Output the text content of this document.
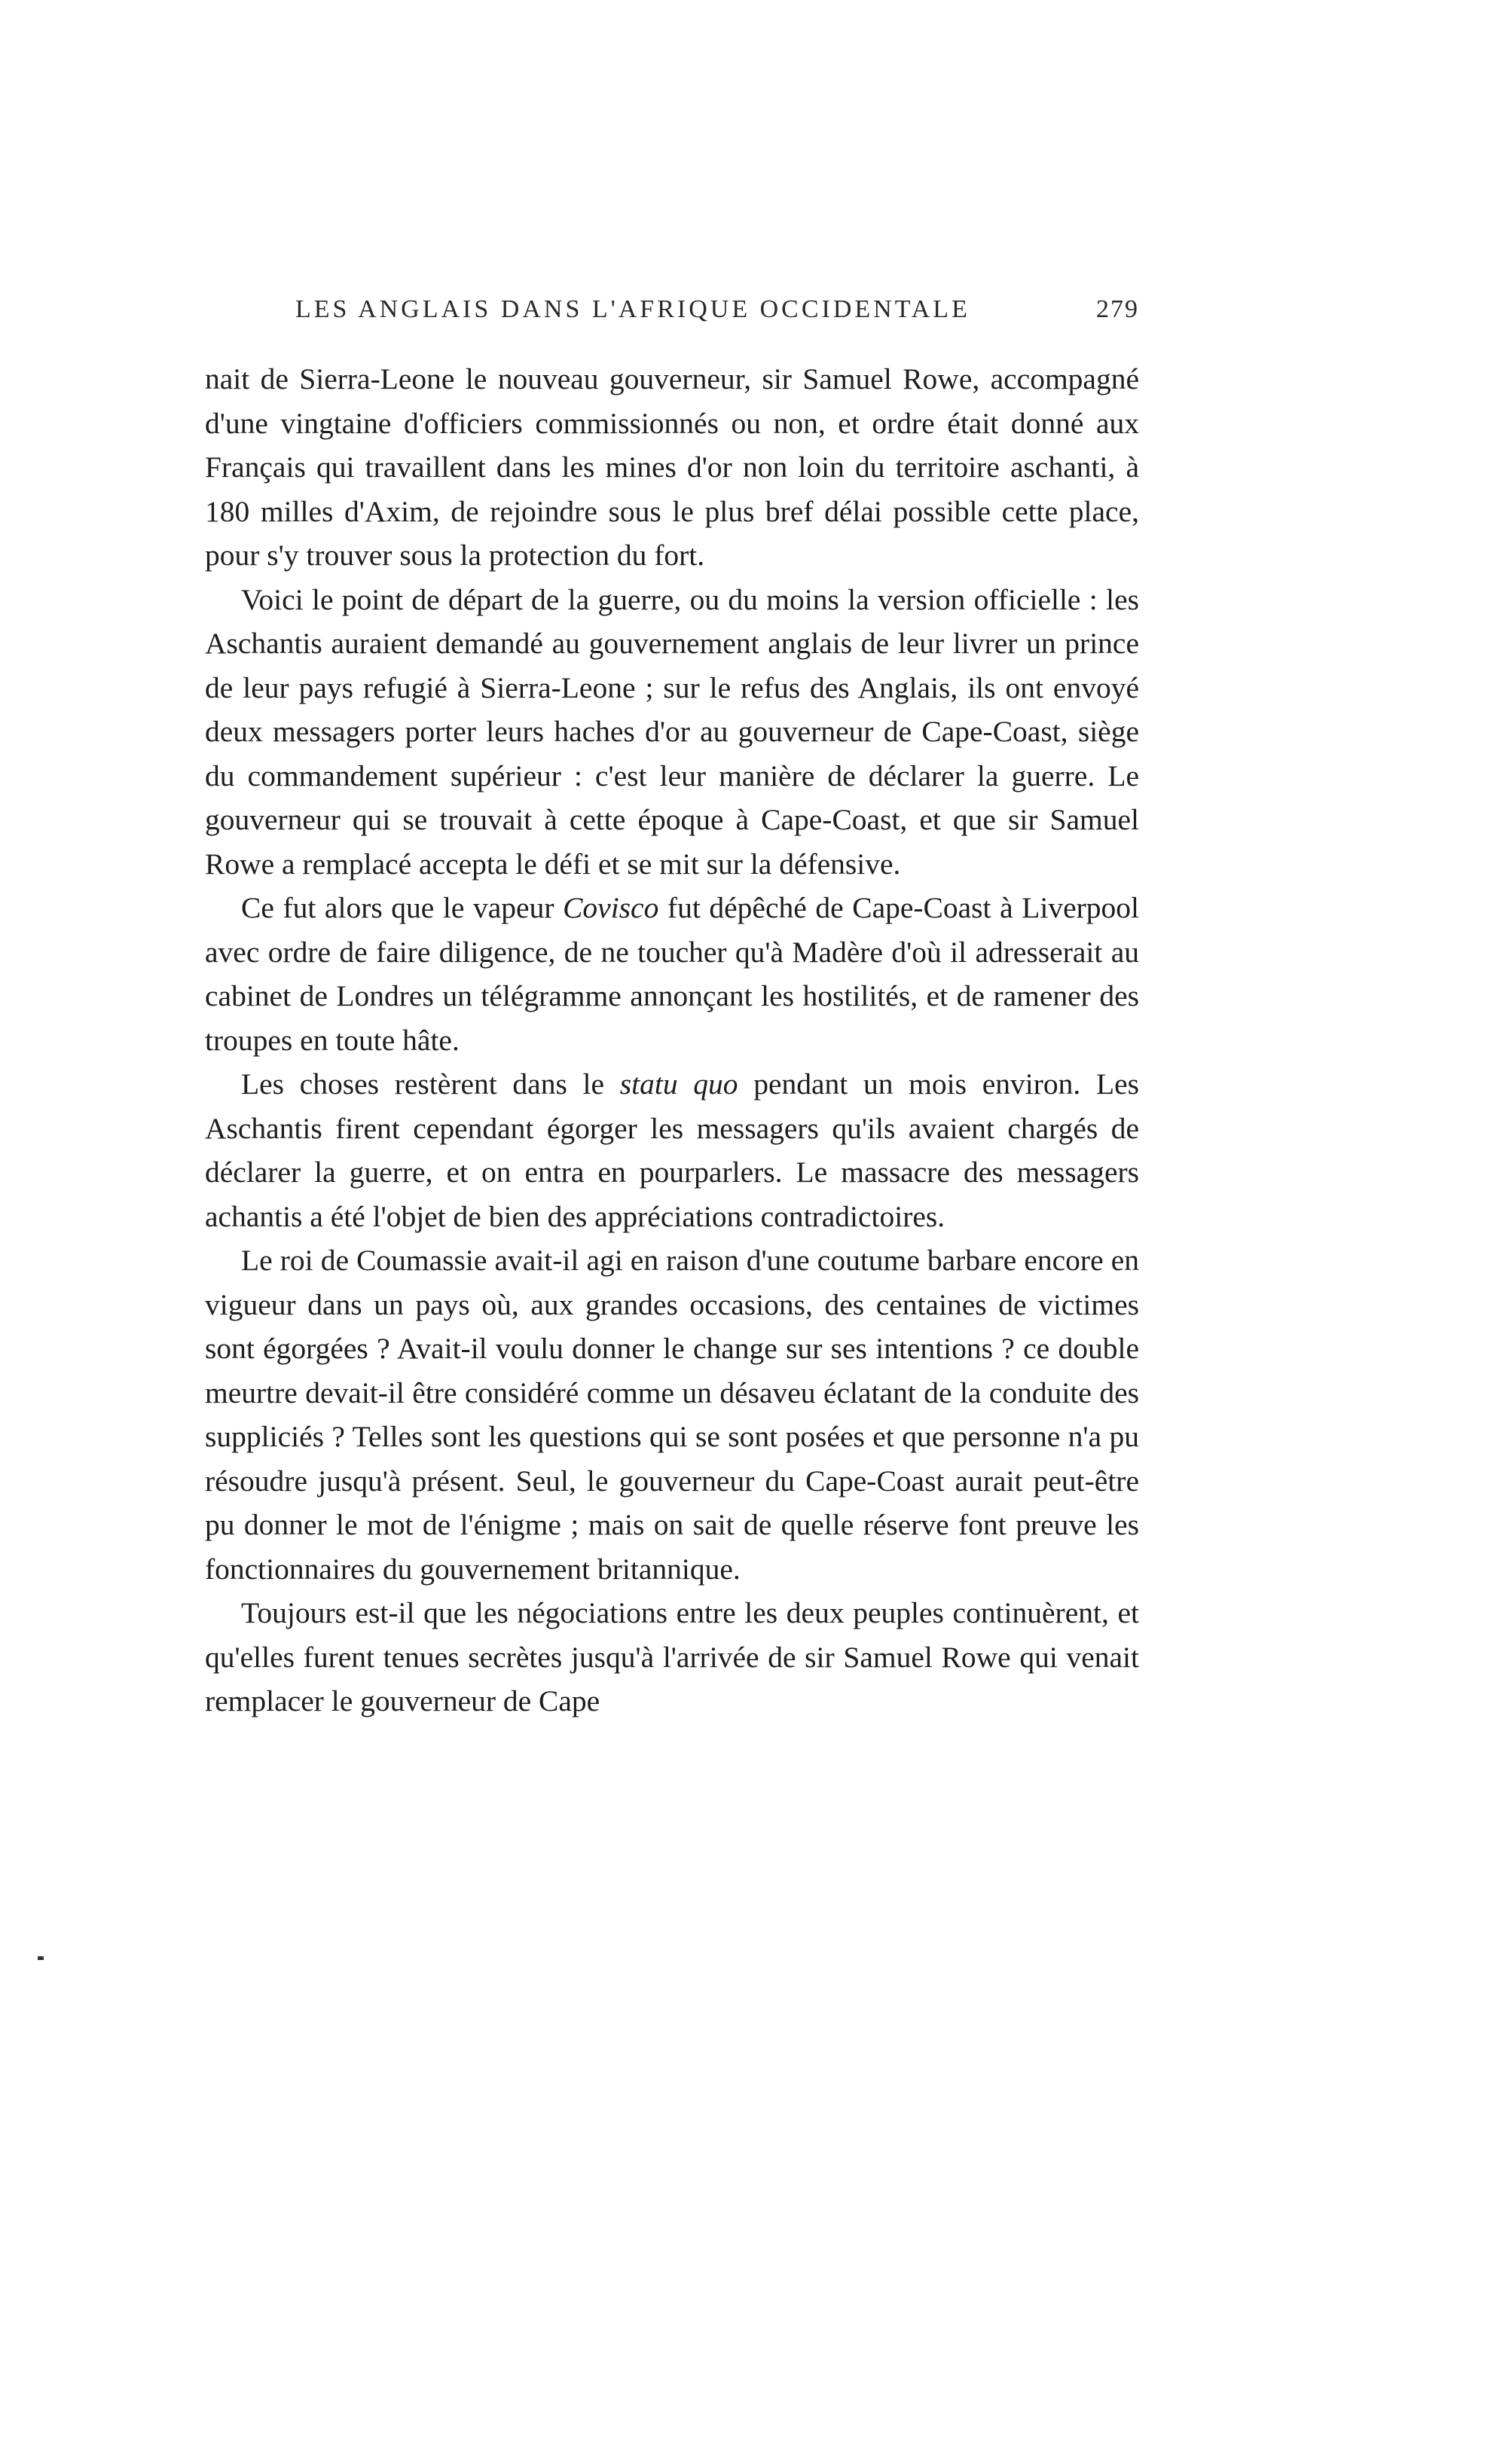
LES ANGLAIS DANS L'AFRIQUE OCCIDENTALE	279

nait de Sierra-Leone le nouveau gouverneur, sir Samuel Rowe, accompagné d'une vingtaine d'officiers commissionnés ou non, et ordre était donné aux Français qui travaillent dans les mines d'or non loin du territoire aschanti, à 180 milles d'Axim, de rejoindre sous le plus bref délai possible cette place, pour s'y trouver sous la protection du fort.

Voici le point de départ de la guerre, ou du moins la version officielle : les Aschantis auraient demandé au gouvernement anglais de leur livrer un prince de leur pays refugié à Sierra-Leone ; sur le refus des Anglais, ils ont envoyé deux messagers porter leurs haches d'or au gouverneur de Cape-Coast, siège du commandement supérieur : c'est leur manière de déclarer la guerre. Le gouverneur qui se trouvait à cette époque à Cape-Coast, et que sir Samuel Rowe a remplacé accepta le défi et se mit sur la défensive.

Ce fut alors que le vapeur Covisco fut dépêché de Cape-Coast à Liverpool avec ordre de faire diligence, de ne toucher qu'à Madère d'où il adresserait au cabinet de Londres un télégramme annonçant les hostilités, et de ramener des troupes en toute hâte.

Les choses restèrent dans le statu quo pendant un mois environ. Les Aschantis firent cependant égorger les messagers qu'ils avaient chargés de déclarer la guerre, et on entra en pourparlers. Le massacre des messagers achantis a été l'objet de bien des appréciations contradictoires.

Le roi de Coumassie avait-il agi en raison d'une coutume barbare encore en vigueur dans un pays où, aux grandes occasions, des centaines de victimes sont égorgées ? Avait-il voulu donner le change sur ses intentions ? ce double meurtre devait-il être considéré comme un désaveu éclatant de la conduite des suppliciés ? Telles sont les questions qui se sont posées et que personne n'a pu résoudre jusqu'à présent. Seul, le gouverneur du Cape-Coast aurait peut-être pu donner le mot de l'énigme ; mais on sait de quelle réserve font preuve les fonctionnaires du gouvernement britannique.

Toujours est-il que les négociations entre les deux peuples continuèrent, et qu'elles furent tenues secrètes jusqu'à l'arrivée de sir Samuel Rowe qui venait remplacer le gouverneur de Cape
